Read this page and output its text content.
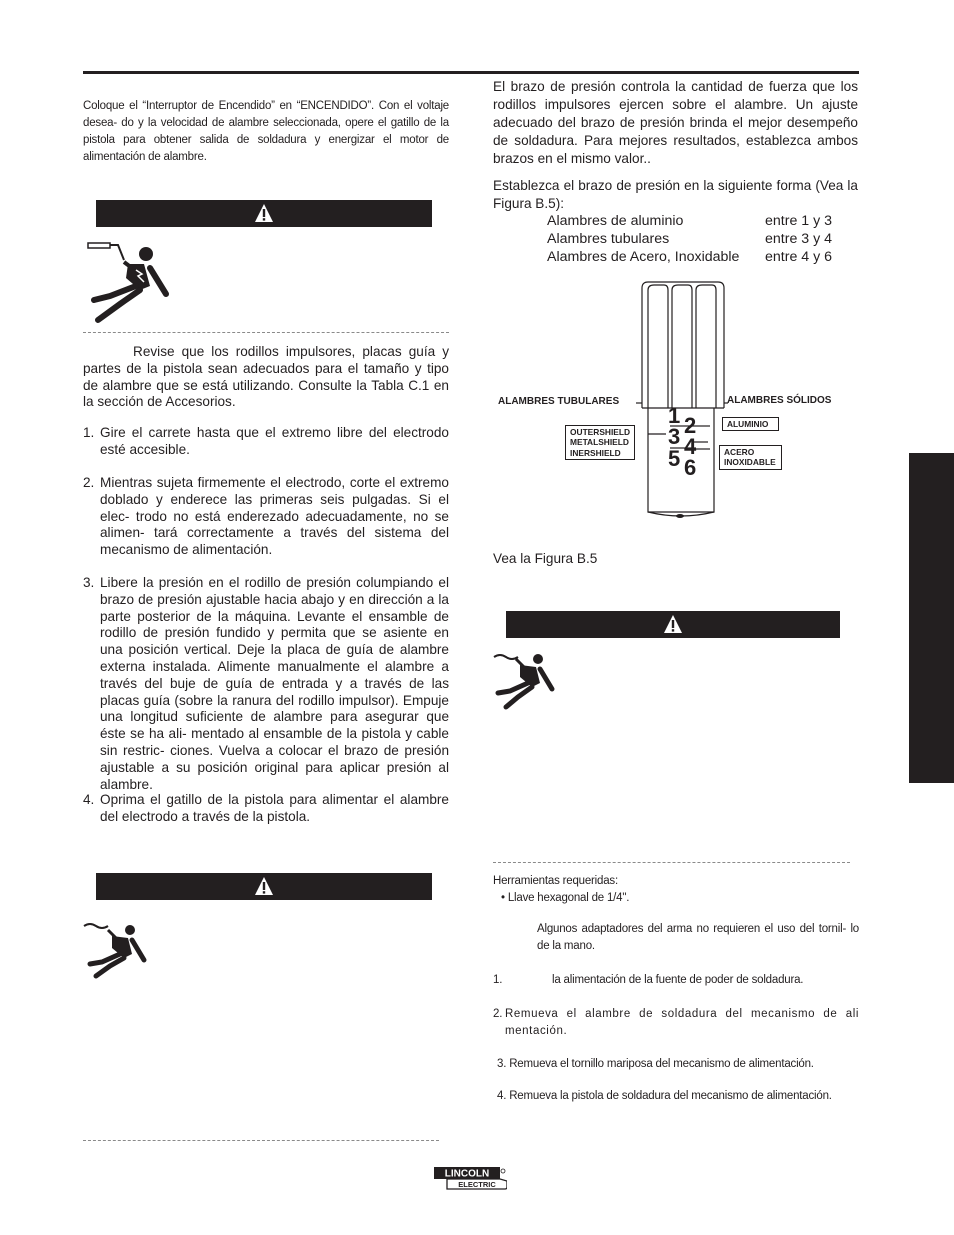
Coloque el “Interruptor de Encendido” en “ENCENDIDO”. Con el voltaje desea- do y la velocidad de alambre seleccionada, opere el gatillo de la pistola para obtener salida de soldadura y energizar el motor de alimentación de alambre.
Revise que los rodillos impulsores, placas guía y partes de la pistola sean adecuados para el tamaño y tipo de alambre que se está utilizando. Consulte la Tabla C.1 en la sección de Accesorios.
1. Gire el carrete hasta que el extremo libre del electrodo esté accesible.
2. Mientras sujeta firmemente el electrodo, corte el extremo doblado y enderece las primeras seis pulgadas. Si el elec- trodo no está enderezado adecuadamente, no se alimen- tará correctamente a través del sistema del mecanismo de alimentación.
3. Libere la presión en el rodillo de presión columpiando el brazo de presión ajustable hacia abajo y en dirección a la parte posterior de la máquina. Levante el ensamble de rodillo de presión fundido y permita que se asiente en una posición vertical. Deje la placa de guía de alambre externa instalada. Alimente manualmente el alambre a través del buje de guía de entrada y a través de las placas guía (sobre la ranura del rodillo impulsor). Empuje una longitud suficiente de alambre para asegurar que éste se ha ali- mentado al ensamble de la pistola y cable sin restric- ciones. Vuelva a colocar el brazo de presión ajustable a su posición original para aplicar presión al alambre.
4. Oprima el gatillo de la pistola para alimentar el alambre del electrodo a través de la pistola.
El brazo de presión controla la cantidad de fuerza que los rodillos impulsores ejercen sobre el alambre. Un ajuste adecuado del brazo de presión brinda el mejor desempeño de soldadura. Para mejores resultados, establezca ambos brazos en el mismo valor..
Establezca el brazo de presión en la siguiente forma (Vea la Figura B.5):
Alambres de aluminio	entre 1 y 3
Alambres tubulares	entre 3 y 4
Alambres de Acero, Inoxidable entre 4 y 6
ALAMBRES TUBULARES	ALAMBRES SÓLIDOS
OUTERSHIELD
METALSHIELD
INERSHIELD
ALUMINIO
ACERO
INOXIDABLE
1 2
3 4
5 6
Vea la Figura B.5
Herramientas requeridas:
• Llave hexagonal de 1/4".
Algunos adaptadores del arma no requieren el uso del tornil- lo de la mano.
1.	la alimentación de la fuente de poder de soldadura.
2. Remueva el alambre de soldadura del mecanismo de ali mentación.
3. Remueva el tornillo mariposa del mecanismo de alimentación.
4. Remueva la pistola de soldadura del mecanismo de alimentación.
LINCOLN
ELECTRIC
